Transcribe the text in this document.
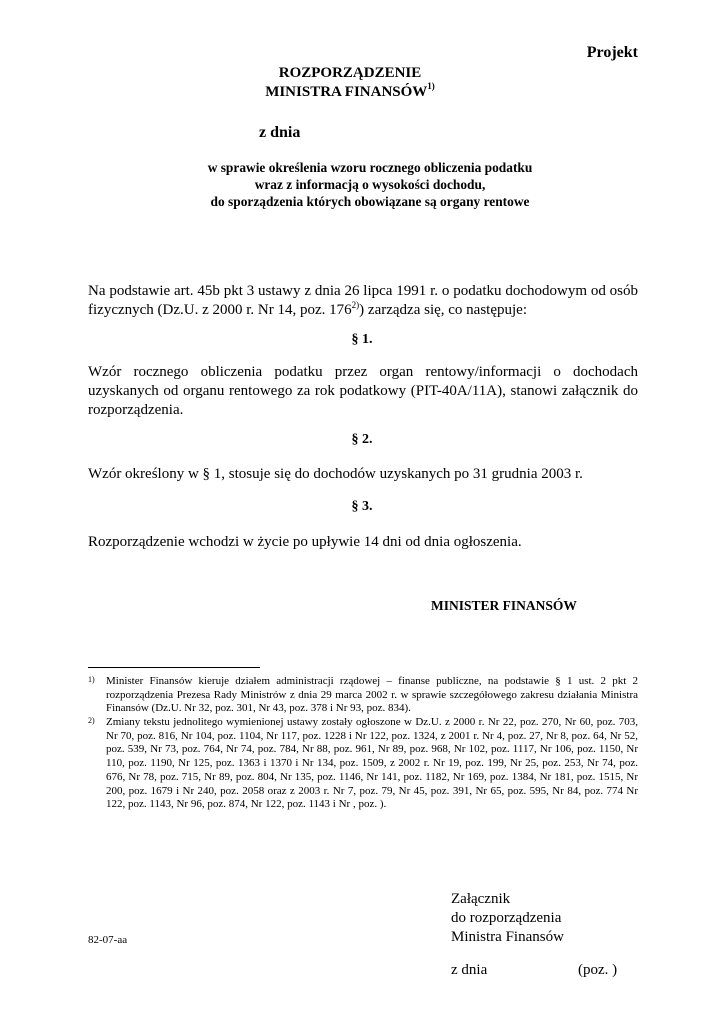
Projekt
ROZPORZĄDZENIE
MINISTRA FINANSÓW$^{1)}$
z dnia
w sprawie określenia wzoru rocznego obliczenia podatku
wraz z informacją o wysokości dochodu,
do sporządzenia których obowiązane są organy rentowe
Na podstawie art. 45b pkt 3 ustawy z dnia 26 lipca 1991 r. o podatku dochodowym od osób fizycznych (Dz.U. z 2000 r. Nr 14, poz. 176$^{2)}$) zarządza się, co następuje:
§ 1.
Wzór rocznego obliczenia podatku przez organ rentowy/informacji o dochodach uzyskanych od organu rentowego za rok podatkowy (PIT-40A/11A), stanowi załącznik do rozporządzenia.
§ 2.
Wzór określony w § 1, stosuje się do dochodów uzyskanych po 31 grudnia 2003 r.
§ 3.
Rozporządzenie wchodzi w życie po upływie 14 dni od dnia ogłoszenia.
MINISTER FINANSÓW
1) Minister Finansów kieruje działem administracji rządowej – finanse publiczne, na podstawie § 1 ust. 2 pkt 2 rozporządzenia Prezesa Rady Ministrów z dnia 29 marca 2002 r. w sprawie szczegółowego zakresu działania Ministra Finansów (Dz.U. Nr 32, poz. 301, Nr 43, poz. 378 i Nr 93, poz. 834).
2) Zmiany tekstu jednolitego wymienionej ustawy zostały ogłoszone w Dz.U. z 2000 r. Nr 22, poz. 270, Nr 60, poz. 703, Nr 70, poz. 816, Nr 104, poz. 1104, Nr 117, poz. 1228 i Nr 122, poz. 1324, z 2001 r. Nr 4, poz. 27, Nr 8, poz. 64, Nr 52, poz. 539, Nr 73, poz. 764, Nr 74, poz. 784, Nr 88, poz. 961, Nr 89, poz. 968, Nr 102, poz. 1117, Nr 106, poz. 1150, Nr 110, poz. 1190, Nr 125, poz. 1363 i 1370 i Nr 134, poz. 1509, z 2002 r. Nr 19, poz. 199, Nr 25, poz. 253, Nr 74, poz. 676, Nr 78, poz. 715, Nr 89, poz. 804, Nr 135, poz. 1146, Nr 141, poz. 1182, Nr 169, poz. 1384, Nr 181, poz. 1515, Nr 200, poz. 1679 i Nr 240, poz. 2058 oraz z 2003 r. Nr 7, poz. 79, Nr 45, poz. 391, Nr 65, poz. 595, Nr 84, poz. 774 Nr 122, poz. 1143, Nr 96, poz. 874, Nr 122, poz. 1143 i Nr , poz. ).
82-07-aa
Załącznik
do rozporządzenia
Ministra Finansów
z dnia	(poz. )
